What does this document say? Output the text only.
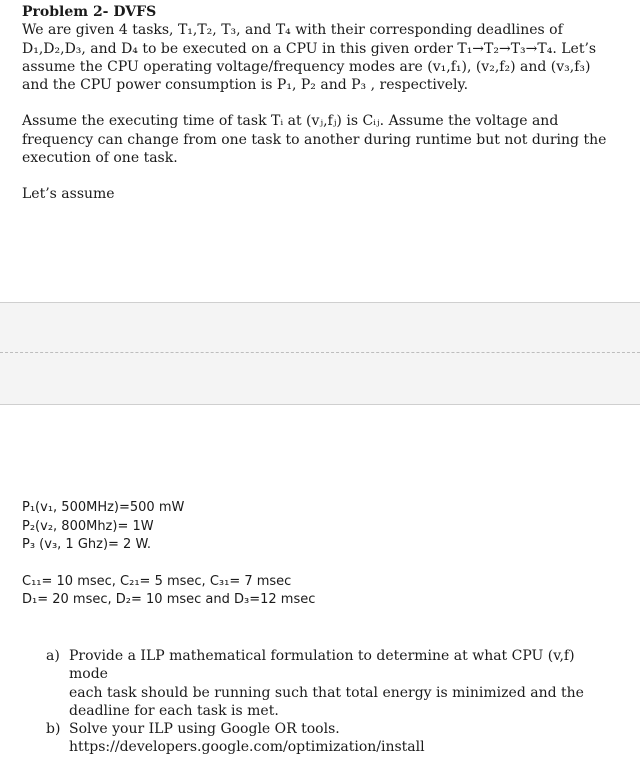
Problem 2- DVFS

We are given 4 tasks, T₁,T₂, T₃, and T₄ with their corresponding deadlines of

D₁,D₂,D₃, and D₄ to be executed on a CPU in this given order T₁→T₂→T₃→T₄. Let’s

assume the CPU operating voltage/frequency modes are (v₁,f₁), (v₂,f₂) and (v₃,f₃)

and the CPU power consumption is P₁, P₂ and P₃ , respectively.

Assume the executing time of task Tᵢ at (vⱼ,fⱼ) is Cᵢⱼ. Assume the voltage and

frequency can change from one task to another during runtime but not during the

execution of one task.

Let’s assume

P₁(v₁, 500MHz)=500 mW

P₂(v₂, 800Mhz)= 1W

P₃ (v₃, 1 Ghz)= 2 W.

C₁₁= 10 msec, C₂₁= 5 msec, C₃₁= 7 msec

D₁= 20 msec, D₂= 10 msec and D₃=12 msec

a) Provide a ILP mathematical formulation to determine at what CPU (v,f) mode
each task should be running such that total energy is minimized and the
deadline for each task is met.
b) Solve your ILP using Google OR tools.
https://developers.google.com/optimization/install
